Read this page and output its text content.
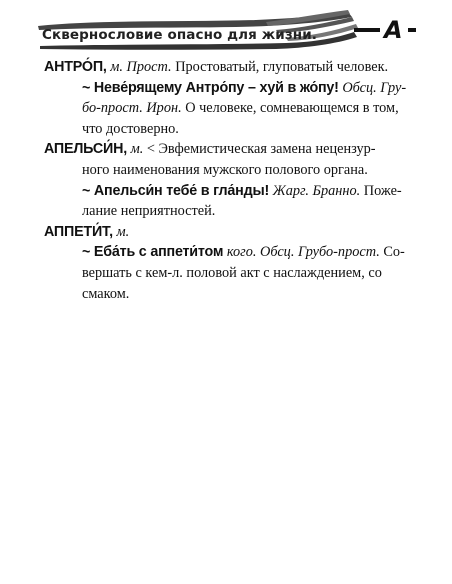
Сквернословие опасно для жизни.	А
АНТРО́П, м. Прост. Простоватый, глуповатый человек.
~ Неве́рящему Антро́пу – хуй в жо́пу! Обсц. Гру-
бо-прост. Ирон. О человеке, сомневающемся в том,
что достоверно.
АПЕЛЬСИ́Н, м. < Эвфемистическая замена нецензур-
ного наименования мужского полового органа.
~ Апельси́н тебе́ в гла́нды! Жарг. Бранно. Поже-
лание неприятностей.
АППЕТИ́Т, м.
~ Еба́ть с аппети́том кого. Обсц. Грубо-прост. Со-
вершать с кем-л. половой акт с наслаждением, со
смаком.
